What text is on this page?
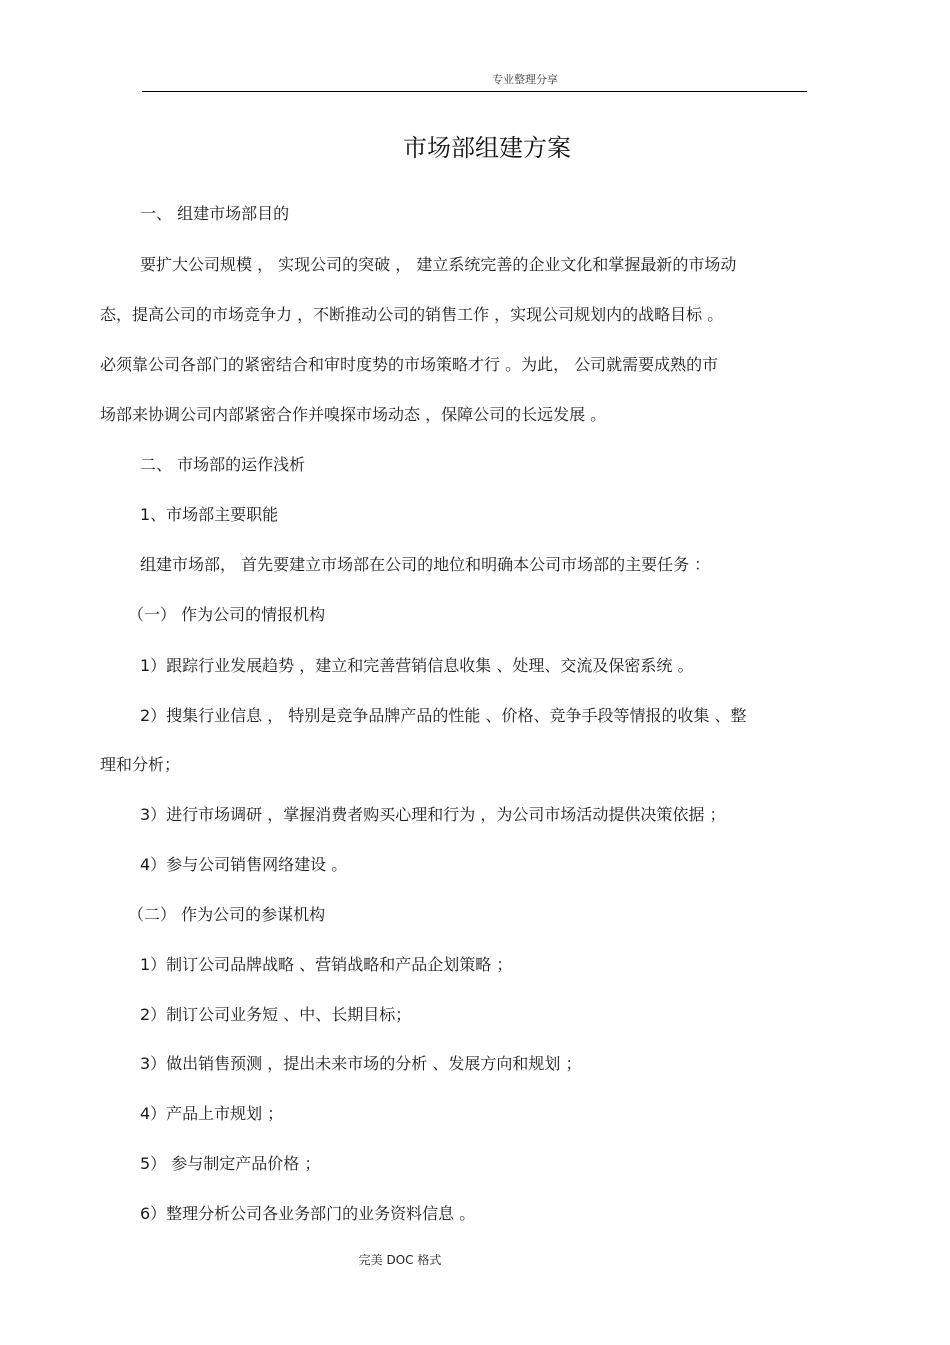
专业整理分享
市场部组建方案
一、 组建市场部目的
要扩大公司规模 ， 实现公司的突破 ， 建立系统完善的企业文化和掌握最新的市场动
态，提高公司的市场竞争力 ，不断推动公司的销售工作 ，实现公司规划内的战略目标 。
必须靠公司各部门的紧密结合和审时度势的市场策略才行 。为此， 公司就需要成熟的市
场部来协调公司内部紧密合作并嗅探市场动态 ，保障公司的长远发展 。
二、 市场部的运作浅析
1、市场部主要职能
组建市场部， 首先要建立市场部在公司的地位和明确本公司市场部的主要任务 ：
（一） 作为公司的情报机构
1）跟踪行业发展趋势 ，建立和完善营销信息收集 、处理、交流及保密系统 。
2）搜集行业信息 ， 特别是竞争品牌产品的性能 、价格、竞争手段等情报的收集 、整
理和分析；
3）进行市场调研 ，掌握消费者购买心理和行为 ，为公司市场活动提供决策依据 ；
4）参与公司销售网络建设 。
（二） 作为公司的参谋机构
1）制订公司品牌战略 、营销战略和产品企划策略 ；
2）制订公司业务短 、中、长期目标；
3）做出销售预测 ，提出未来市场的分析 、发展方向和规划 ；
4）产品上市规划 ；
5） 参与制定产品价格 ；
6）整理分析公司各业务部门的业务资料信息 。
完美 DOC 格式
